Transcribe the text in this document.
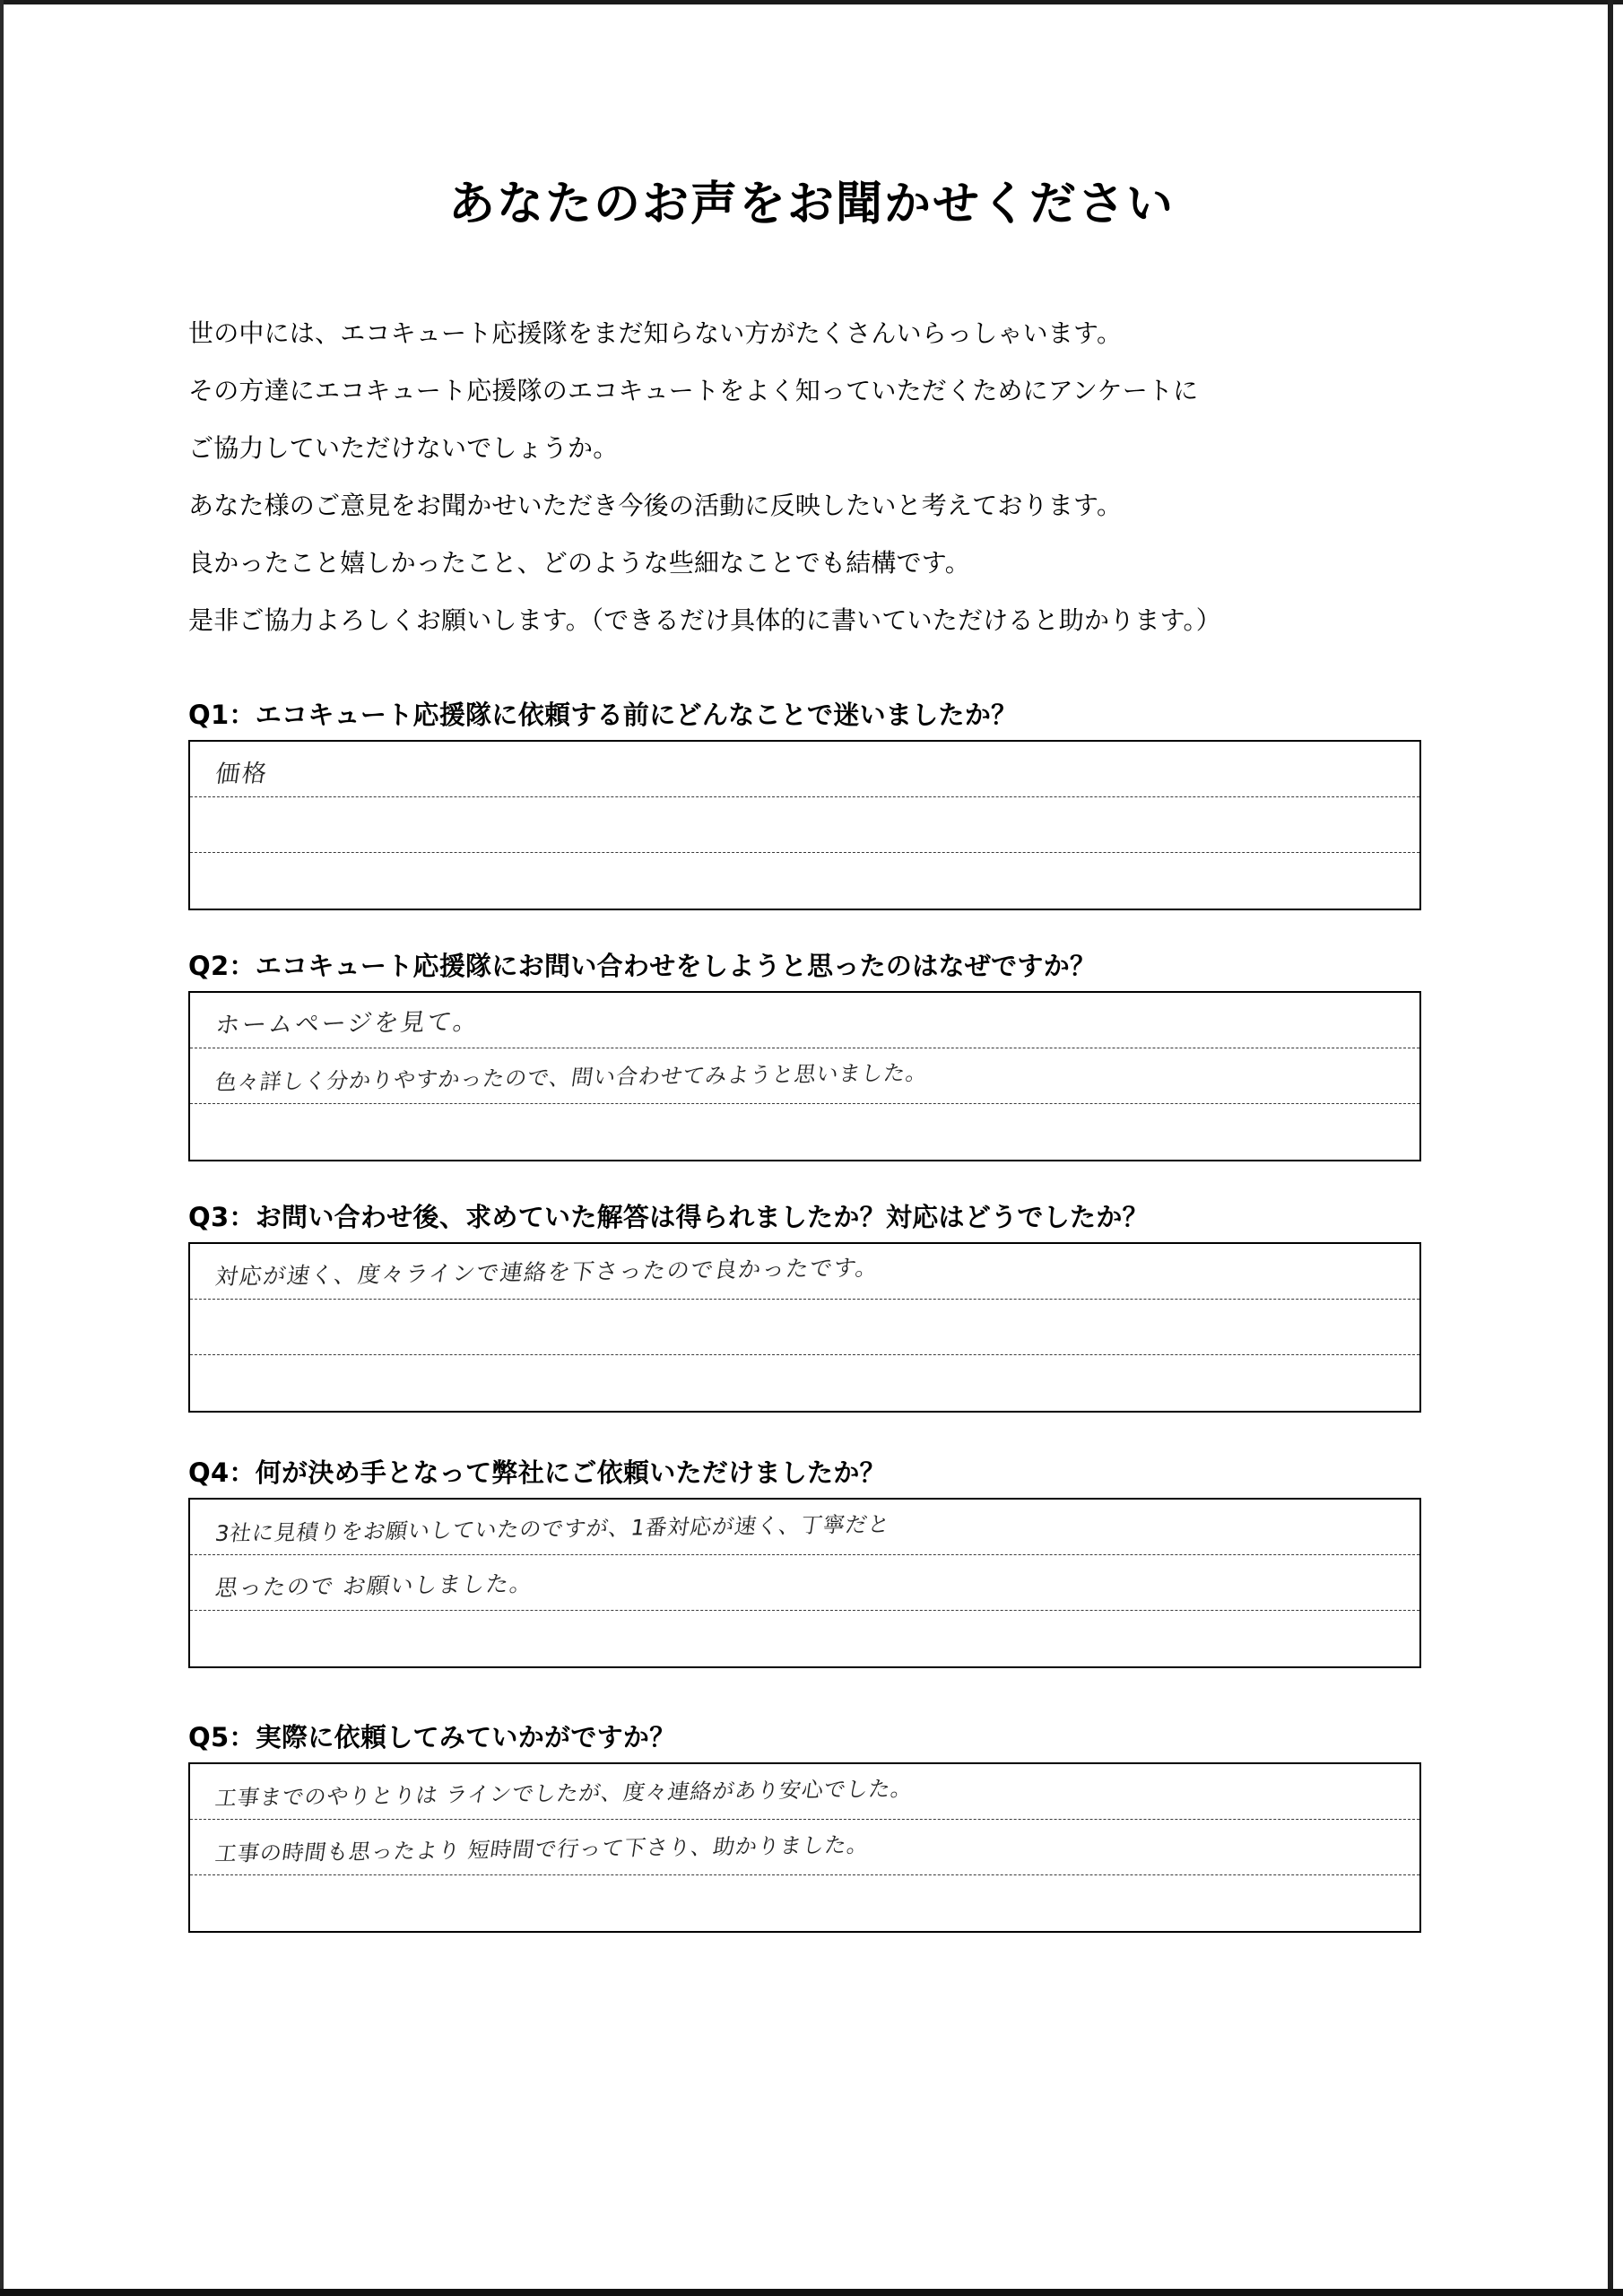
あなたのお声をお聞かせください
世の中には、エコキュート応援隊をまだ知らない方がたくさんいらっしゃいます。
その方達にエコキュート応援隊のエコキュートをよく知っていただくためにアンケートに
ご協力していただけないでしょうか。
あなた様のご意見をお聞かせいただき今後の活動に反映したいと考えております。
良かったこと嬉しかったこと、どのような些細なことでも結構です。
是非ご協力よろしくお願いします。（できるだけ具体的に書いていただけると助かります。）
Q1：エコキュート応援隊に依頼する前にどんなことで迷いましたか？
価格
Q2：エコキュート応援隊にお問い合わせをしようと思ったのはなぜですか？
ホームページを見て。
色々詳しく分かりやすかったので、問い合わせてみようと思いました。
Q3：お問い合わせ後、求めていた解答は得られましたか？対応はどうでしたか？
対応が速く、度々ラインで連絡を下さったので良かったです。
Q4：何が決め手となって弊社にご依頼いただけましたか？
3社に見積りをお願いしていたのですが、1番対応が速く、丁寧だと
思ったので お願いしました。
Q5：実際に依頼してみていかがですか？
工事までのやりとりは ラインでしたが、度々連絡があり安心でした。
工事の時間も思ったより 短時間で行って下さり、助かりました。
